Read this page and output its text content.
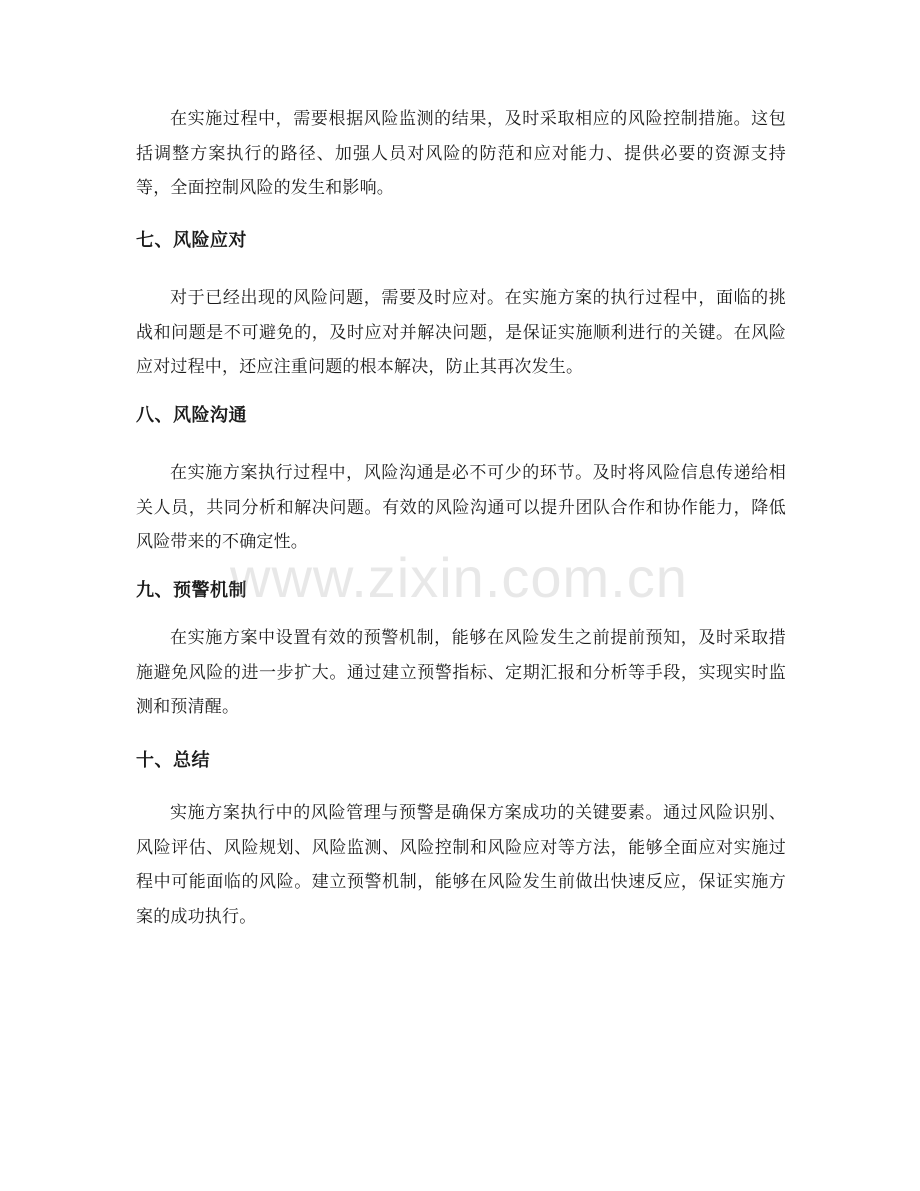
在实施过程中，需要根据风险监测的结果，及时采取相应的风险控制措施。这包括调整方案执行的路径、加强人员对风险的防范和应对能力、提供必要的资源支持等，全面控制风险的发生和影响。

七、风险应对

对于已经出现的风险问题，需要及时应对。在实施方案的执行过程中，面临的挑战和问题是不可避免的，及时应对并解决问题，是保证实施顺利进行的关键。在风险应对过程中，还应注重问题的根本解决，防止其再次发生。

八、风险沟通

在实施方案执行过程中，风险沟通是必不可少的环节。及时将风险信息传递给相关人员，共同分析和解决问题。有效的风险沟通可以提升团队合作和协作能力，降低风险带来的不确定性。

九、预警机制

在实施方案中设置有效的预警机制，能够在风险发生之前提前预知，及时采取措施避免风险的进一步扩大。通过建立预警指标、定期汇报和分析等手段，实现实时监测和预清醒。

十、总结

实施方案执行中的风险管理与预警是确保方案成功的关键要素。通过风险识别、风险评估、风险规划、风险监测、风险控制和风险应对等方法，能够全面应对实施过程中可能面临的风险。建立预警机制，能够在风险发生前做出快速反应，保证实施方案的成功执行。

www.zixin.com.cn
